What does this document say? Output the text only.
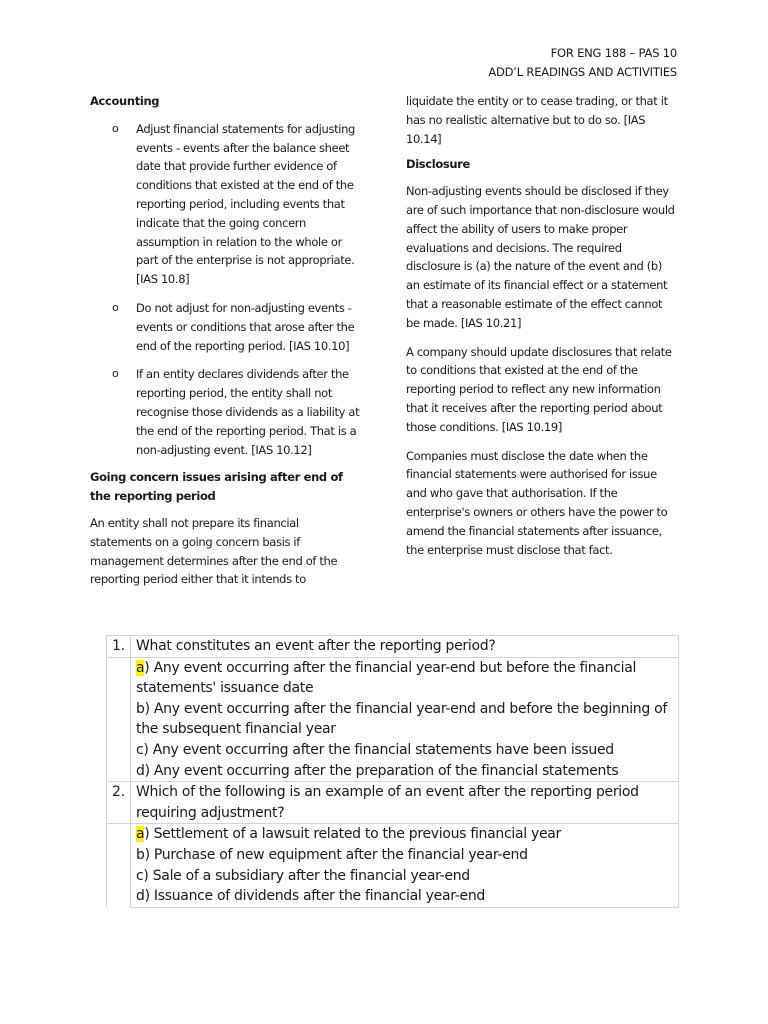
FOR ENG 188 – PAS 10
ADD’L READINGS AND ACTIVITIES

Accounting

o Adjust financial statements for adjusting events - events after the balance sheet date that provide further evidence of conditions that existed at the end of the reporting period, including events that indicate that the going concern assumption in relation to the whole or part of the enterprise is not appropriate. [IAS 10.8]
o Do not adjust for non-adjusting events - events or conditions that arose after the end of the reporting period. [IAS 10.10]
o If an entity declares dividends after the reporting period, the entity shall not recognise those dividends as a liability at the end of the reporting period. That is a non-adjusting event. [IAS 10.12]

Going concern issues arising after end of the reporting period

An entity shall not prepare its financial statements on a going concern basis if management determines after the end of the reporting period either that it intends to

liquidate the entity or to cease trading, or that it has no realistic alternative but to do so. [IAS 10.14]

Disclosure

Non-adjusting events should be disclosed if they are of such importance that non-disclosure would affect the ability of users to make proper evaluations and decisions. The required disclosure is (a) the nature of the event and (b) an estimate of its financial effect or a statement that a reasonable estimate of the effect cannot be made. [IAS 10.21]

A company should update disclosures that relate to conditions that existed at the end of the reporting period to reflect any new information that it receives after the reporting period about those conditions. [IAS 10.19]

Companies must disclose the date when the financial statements were authorised for issue and who gave that authorisation. If the enterprise's owners or others have the power to amend the financial statements after issuance, the enterprise must disclose that fact.

1.	What constitutes an event after the reporting period?

	a) Any event occurring after the financial year-end but before the financial statements' issuance date
b) Any event occurring after the financial year-end and before the beginning of the subsequent financial year
c) Any event occurring after the financial statements have been issued
d) Any event occurring after the preparation of the financial statements

2.	Which of the following is an example of an event after the reporting period requiring adjustment?

	a) Settlement of a lawsuit related to the previous financial year
b) Purchase of new equipment after the financial year-end
c) Sale of a subsidiary after the financial year-end
d) Issuance of dividends after the financial year-end
